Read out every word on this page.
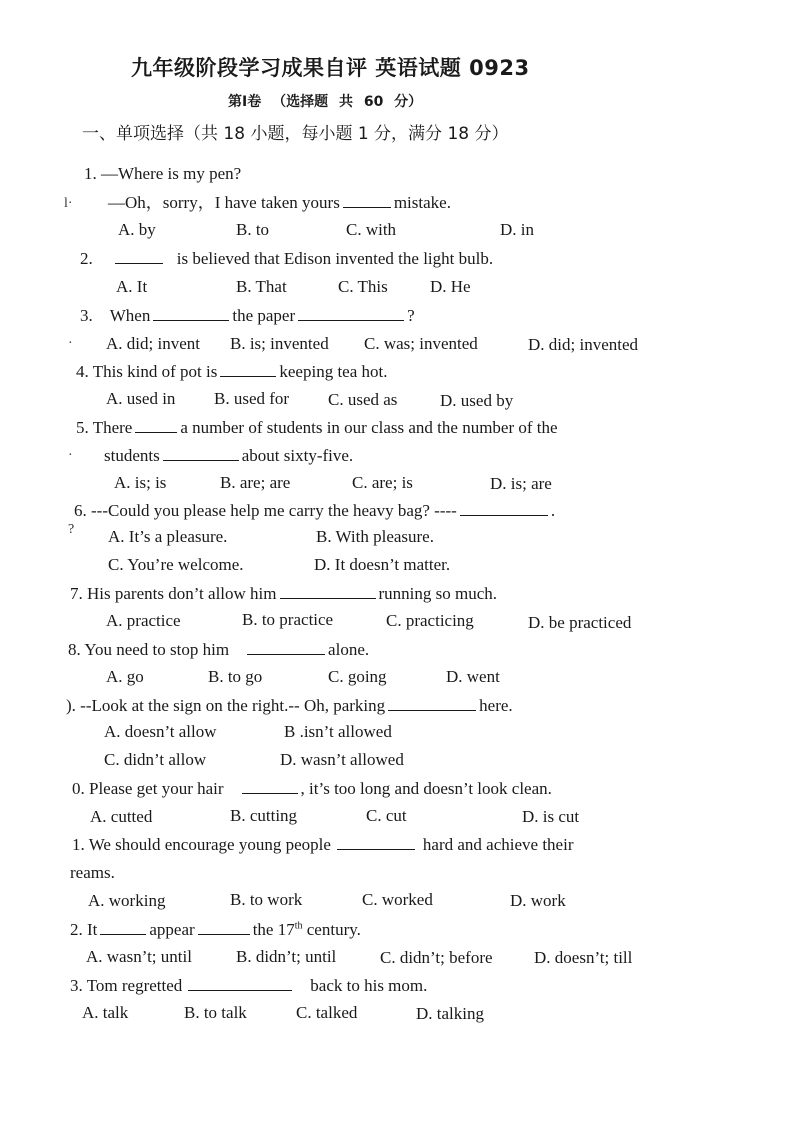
九年级阶段学习成果自评 英语试题 0923
第Ⅰ卷 （选择题 共 60 分）
一、单项选择（共 18 小题，每小题 1 分，满分 18 分）
1. —Where is my pen?
l· —Oh，sorry，I have taken yours	mistake.
A. by	B. to	C. with	D. in
2.	is believed that Edison invented the light bulb.
A. It	B. That	C. This D. He
3. When	the paper	?
· A. did; invent B. is; invented C. was; invented	D. did; invented
4. This kind of pot is	keeping tea hot.
A. used in B. used for C. used as	D. used by
5. There	a number of students in our class and the number of the
· students	about sixty-five.
A. is; is	B. are; are	C. are; is	D. is; are
6. ---Could you please help me carry the heavy bag? ----	.
? A. It’s a pleasure.	B. With pleasure.
C. You’re welcome.	D. It doesn’t matter.
7. His parents don’t allow him	running so much.
A. practice	B. to practice	C. practicing	D. be practiced
8. You need to stop him	alone.
A. go	B. to go	C. going	D. went
). --Look at the sign on the right.-- Oh, parking	here.
A. doesn’t allow	B .isn’t allowed
C. didn’t allow	D. wasn’t allowed
0. Please get your hair	, it’s too long and doesn’t look clean.
A. cutted	B. cutting	C. cut	D. is cut
1. We should encourage young people	hard and achieve their
reams.
A. working	B. to work	C. worked	D. work
2. It	appear	the 17th century.
A. wasn’t; until	B. didn’t; until	C. didn’t; before D. doesn’t; till
3. Tom regretted	back to his mom.
A. talk	B. to talk	C. talked	D. talking
